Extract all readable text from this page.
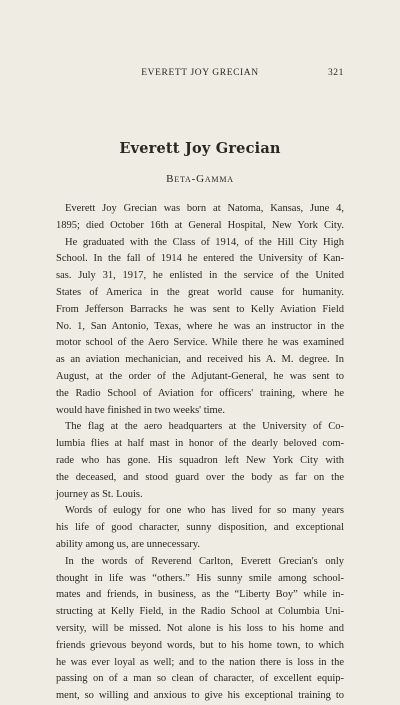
EVERETT JOY GRECIAN	321
Everett Joy Grecian
Beta-Gamma
Everett Joy Grecian was born at Natoma, Kansas, June 4,
1895; died October 16th at General Hospital, New York City.
He graduated with the Class of 1914, of the Hill City High
School. In the fall of 1914 he entered the University of Kan-
sas. July 31, 1917, he enlisted in the service of the United
States of America in the great world cause for humanity.
From Jefferson Barracks he was sent to Kelly Aviation Field
No. 1, San Antonio, Texas, where he was an instructor in the
motor school of the Aero Service. While there he was examined
as an aviation mechanician, and received his A. M. degree. In
August, at the order of the Adjutant-General, he was sent to
the Radio School of Aviation for officers' training, where he
would have finished in two weeks' time.
The flag at the aero headquarters at the University of Co-
lumbia flies at half mast in honor of the dearly beloved com-
rade who has gone. His squadron left New York City with
the deceased, and stood guard over the body as far on the
journey as St. Louis.
Words of eulogy for one who has lived for so many years
his life of good character, sunny disposition, and exceptional
ability among us, are unnecessary.
In the words of Reverend Carlton, Everett Grecian's only
thought in life was “others.” His sunny smile among school-
mates and friends, in business, as the “Liberty Boy” while in-
structing at Kelly Field, in the Radio School at Columbia Uni-
versity, will be missed. Not alone is his loss to his home and
friends grievous beyond words, but to his home town, to which
he was ever loyal as well; and to the nation there is loss in the
passing on of a man so clean of character, of excellent equip-
ment, so willing and anxious to give his exceptional training to
